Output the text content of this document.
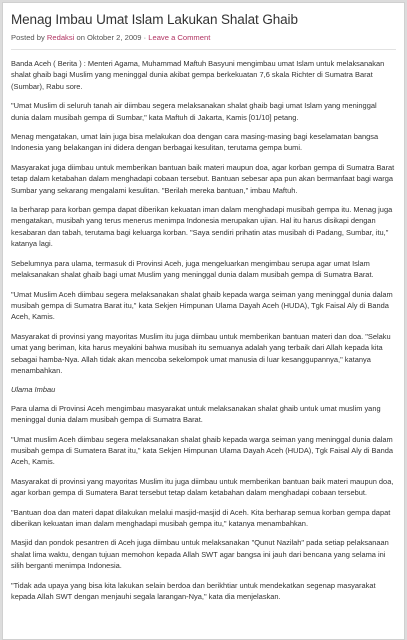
Menag Imbau Umat Islam Lakukan Shalat Ghaib
Posted by Redaksi on Oktober 2, 2009 · Leave a Comment

Banda Aceh ( Berita ) : Menteri Agama, Muhammad Maftuh Basyuni mengimbau umat Islam untuk melaksanakan shalat ghaib bagi Muslim yang meninggal dunia akibat gempa berkekuatan 7,6 skala Richter di Sumatra Barat (Sumbar), Rabu sore.

"Umat Muslim di seluruh tanah air diimbau segera melaksanakan shalat ghaib bagi umat Islam yang meninggal dunia dalam musibah gempa di Sumbar," kata Maftuh di Jakarta, Kamis [01/10] petang.

Menag mengatakan, umat lain juga bisa melakukan doa dengan cara masing-masing bagi keselamatan bangsa Indonesia yang belakangan ini didera dengan berbagai kesulitan, terutama gempa bumi.

Masyarakat juga diimbau untuk memberikan bantuan baik materi maupun doa, agar korban gempa di Sumatra Barat tetap dalam ketabahan dalam menghadapi cobaan tersebut. Bantuan sebesar apa pun akan bermanfaat bagi warga Sumbar yang sekarang mengalami kesulitan. "Berilah mereka bantuan," imbau Maftuh.

Ia berharap para korban gempa dapat diberikan kekuatan iman dalam menghadapi musibah gempa itu. Menag juga mengatakan, musibah yang terus menerus menimpa Indonesia merupakan ujian. Hal itu harus disikapi dengan kesabaran dan tabah, terutama bagi keluarga korban. "Saya sendiri prihatin atas musibah di Padang, Sumbar, itu," katanya lagi.

Sebelumnya para ulama, termasuk di Provinsi Aceh, juga mengeluarkan mengimbau serupa agar umat Islam melaksanakan shalat ghaib bagi umat Muslim yang meninggal dunia dalam musibah gempa di Sumatra Barat.

"Umat Muslim Aceh diimbau segera melaksanakan shalat ghaib kepada warga seiman yang meninggal dunia dalam musibah gempa di Sumatra Barat itu," kata Sekjen Himpunan Ulama Dayah Aceh (HUDA), Tgk Faisal Aly di Banda Aceh, Kamis.

Masyarakat di provinsi yang mayoritas Muslim itu juga diimbau untuk memberikan bantuan materi dan doa. "Selaku umat yang beriman, kita harus meyakini bahwa musibah itu semuanya adalah yang terbaik dari Allah kepada kita sebagai hamba-Nya. Allah tidak akan mencoba sekelompok umat manusia di luar kesanggupannya," katanya menambahkan.

Ulama Imbau

Para ulama di Provinsi Aceh mengimbau masyarakat untuk melaksanakan shalat ghaib untuk umat muslim yang meninggal dunia dalam musibah gempa di Sumatra Barat.

"Umat muslim Aceh diimbau segera melaksanakan shalat ghaib kepada warga seiman yang meninggal dunia dalam musibah gempa di Sumatera Barat itu," kata Sekjen Himpunan Ulama Dayah Aceh (HUDA), Tgk Faisal Aly di Banda Aceh, Kamis.

Masyarakat di provinsi yang mayoritas Muslim itu juga diimbau untuk memberikan bantuan baik materi maupun doa, agar korban gempa di Sumatera Barat tersebut tetap dalam ketabahan dalam menghadapi cobaan tersebut.

"Bantuan doa dan materi dapat dilakukan melalui masjid-masjid di Aceh. Kita berharap semua korban gempa dapat diberikan kekuatan iman dalam menghadapi musibah gempa itu," katanya menambahkan.

Masjid dan pondok pesantren di Aceh juga diimbau untuk melaksanakan "Qunut Nazilah" pada setiap pelaksanaan shalat lima waktu, dengan tujuan memohon kepada Allah SWT agar bangsa ini jauh dari bencana yang selama ini silih berganti menimpa Indonesia.

"Tidak ada upaya yang bisa kita lakukan selain berdoa dan berikhtiar untuk mendekatkan segenap masyarakat kepada Allah SWT dengan menjauhi segala larangan-Nya," kata dia menjelaskan.
